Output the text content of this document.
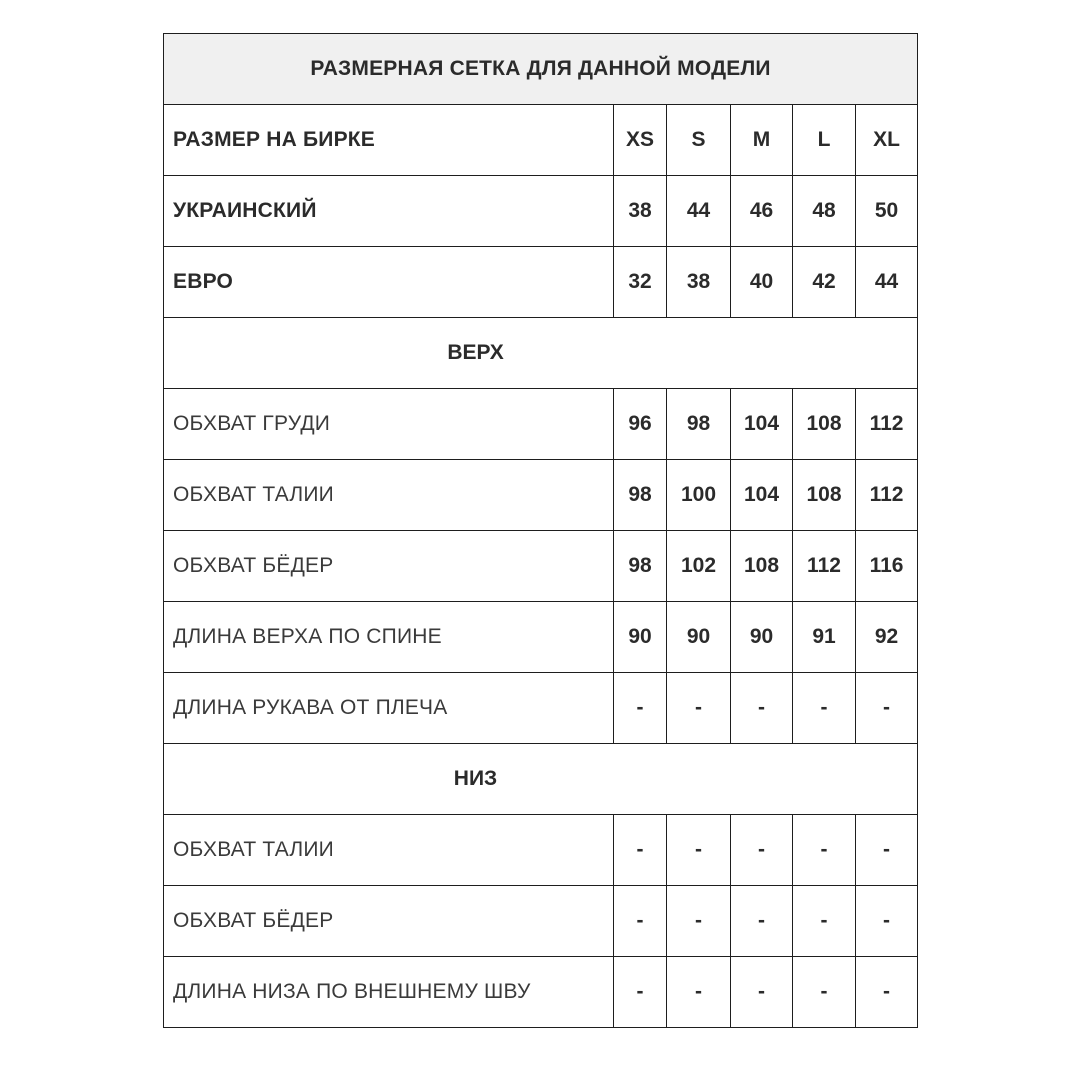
РАЗМЕРНАЯ СЕТКА ДЛЯ ДАННОЙ МОДЕЛИ					
РАЗМЕР НА БИРКЕ	XS	S	M	L	XL
УКРАИНСКИЙ	38	44	46	48	50
ЕВРО	32	38	40	42	44
ВЕРХ					
ОБХВАТ ГРУДИ	96	98	104	108	112
ОБХВАТ ТАЛИИ	98	100	104	108	112
ОБХВАТ БЁДЕР	98	102	108	112	116
ДЛИНА ВЕРХА ПО СПИНЕ	90	90	90	91	92
ДЛИНА РУКАВА ОТ ПЛЕЧА	-	-	-	-	-
НИЗ					
ОБХВАТ ТАЛИИ	-	-	-	-	-
ОБХВАТ БЁДЕР	-	-	-	-	-
ДЛИНА НИЗА ПО ВНЕШНЕМУ ШВУ	-	-	-	-	-
